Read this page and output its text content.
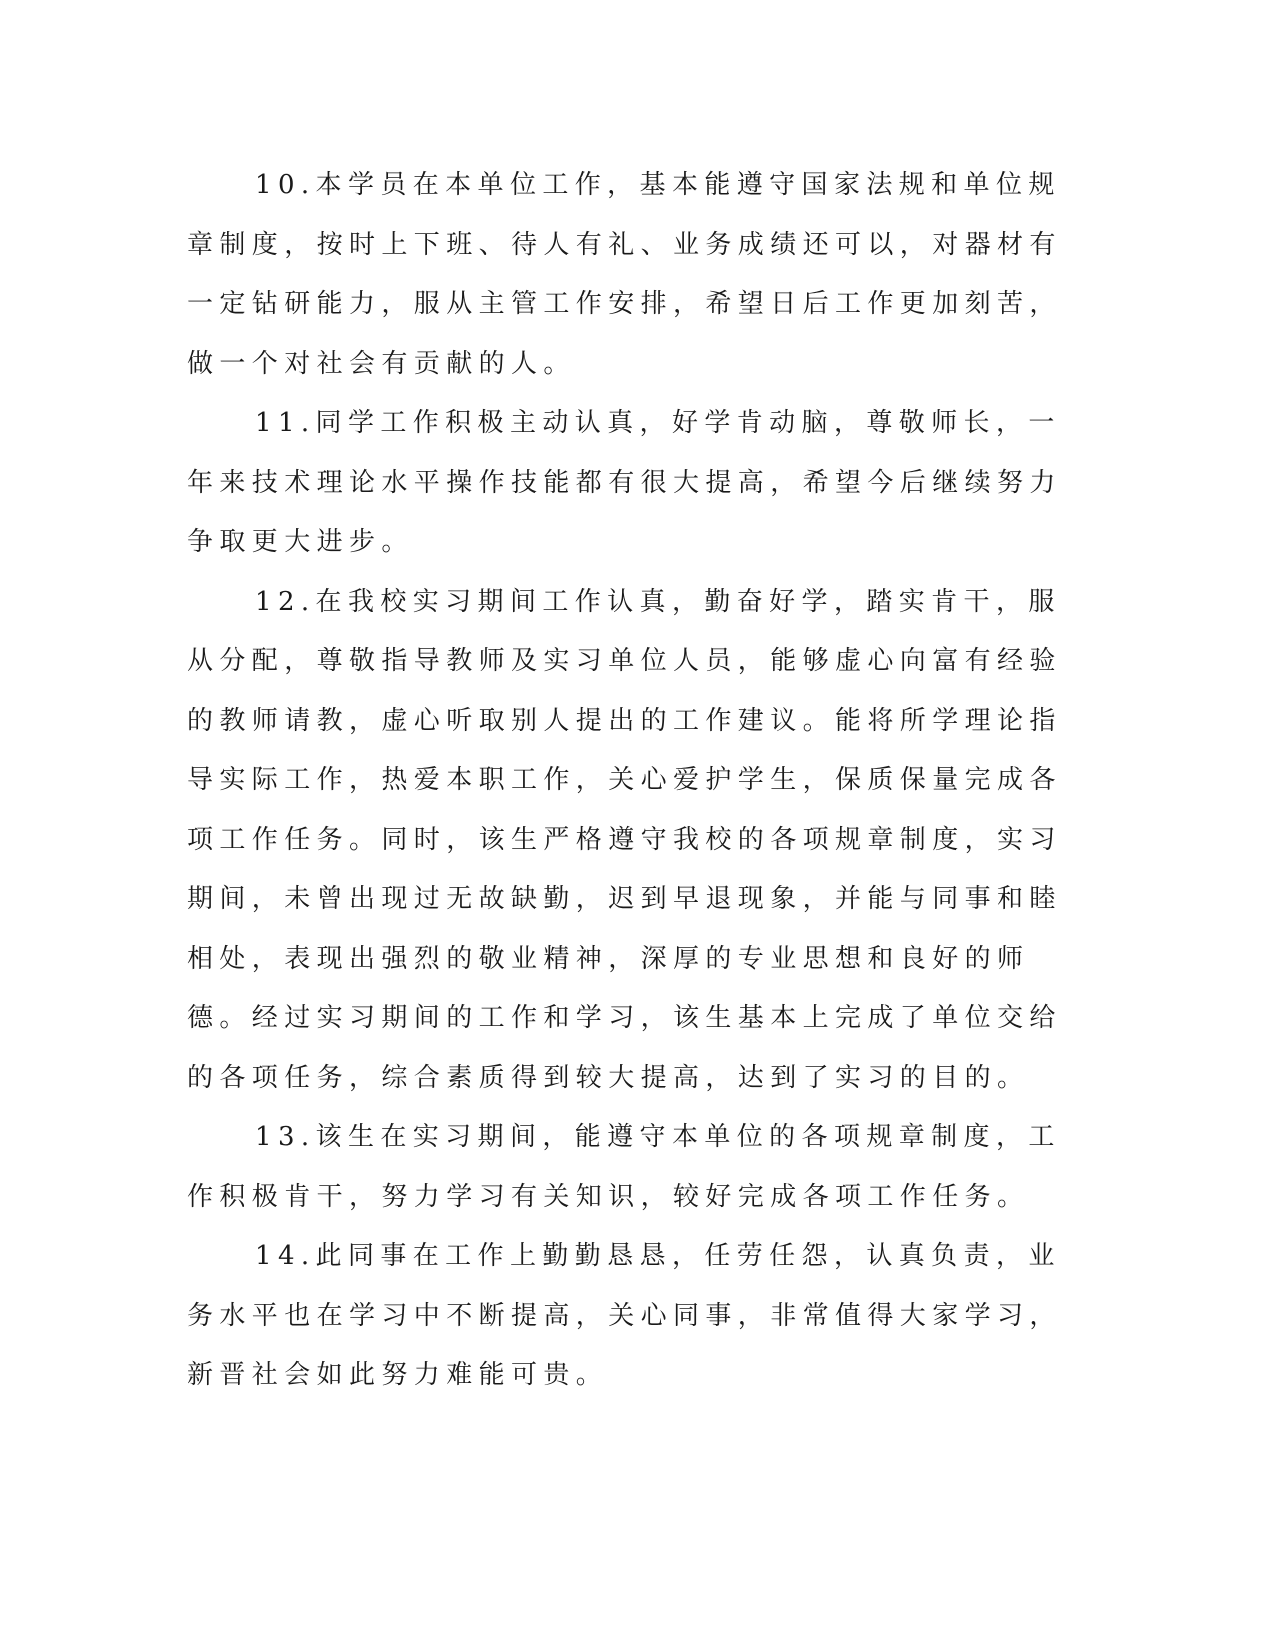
10.本学员在本单位工作，基本能遵守国家法规和单位规章制度，按时上下班、待人有礼、业务成绩还可以，对器材有一定钻研能力，服从主管工作安排，希望日后工作更加刻苦，做一个对社会有贡献的人。

11.同学工作积极主动认真，好学肯动脑，尊敬师长，一年来技术理论水平操作技能都有很大提高，希望今后继续努力争取更大进步。

12.在我校实习期间工作认真，勤奋好学，踏实肯干，服从分配，尊敬指导教师及实习单位人员，能够虚心向富有经验的教师请教，虚心听取别人提出的工作建议。能将所学理论指导实际工作，热爱本职工作，关心爱护学生，保质保量完成各项工作任务。同时，该生严格遵守我校的各项规章制度，实习期间，未曾出现过无故缺勤，迟到早退现象，并能与同事和睦相处，表现出强烈的敬业精神，深厚的专业思想和良好的师德。经过实习期间的工作和学习，该生基本上完成了单位交给的各项任务，综合素质得到较大提高，达到了实习的目的。

13.该生在实习期间，能遵守本单位的各项规章制度，工作积极肯干，努力学习有关知识，较好完成各项工作任务。

14.此同事在工作上勤勤恳恳，任劳任怨，认真负责，业务水平也在学习中不断提高，关心同事，非常值得大家学习，新晋社会如此努力难能可贵。
